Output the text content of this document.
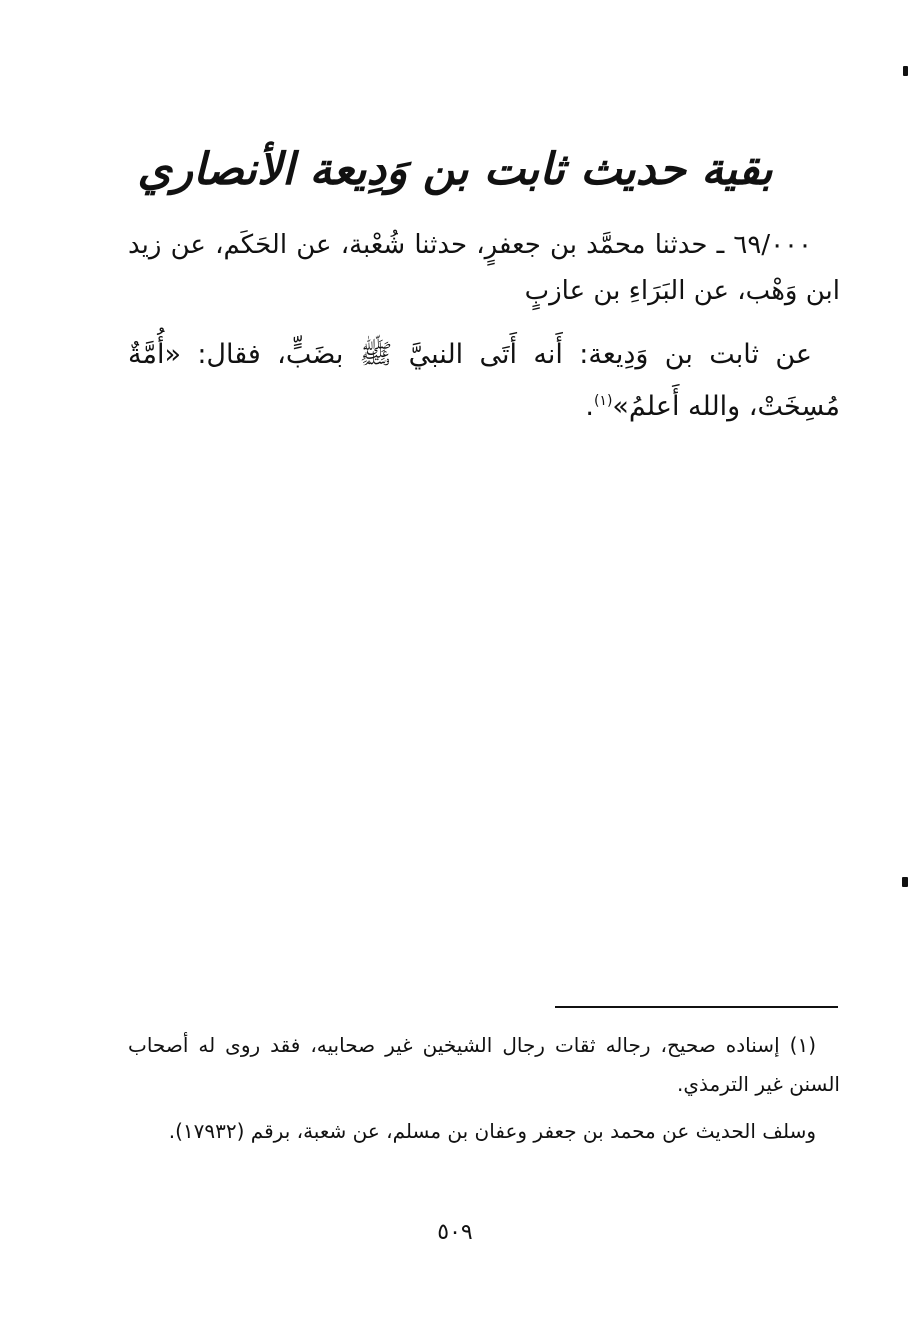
بقية حديث ثابت بن وَدِيعة الأنصاري

٦٩/٠٠٠ ـ حدثنا محمَّد بن جعفرٍ، حدثنا شُعْبة، عن الحَكَم، عن زيد ابن وَهْب، عن البَرَاءِ بن عازبٍ

عن ثابت بن وَدِيعة: أَنه أَتَى النبيَّ ﷺ بضَبٍّ، فقال: «أُمَّةٌ مُسِخَتْ، والله أَعلمُ»$^{(١)}$.

(١) إسناده صحيح، رجاله ثقات رجال الشيخين غير صحابيه، فقد روى له أصحاب السنن غير الترمذي.

وسلف الحديث عن محمد بن جعفر وعفان بن مسلم، عن شعبة، برقم (١٧٩٣٢).

٥٠٩
